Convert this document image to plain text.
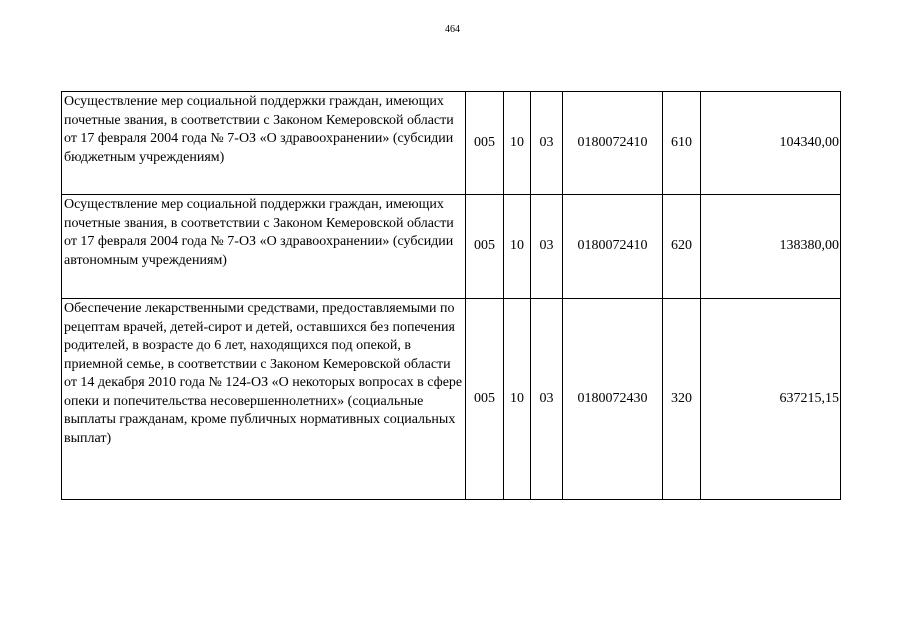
464
Осуществление мер социальной поддержки граждан, имеющих почетные звания, в соответствии с Законом Кемеровской области от 17 февраля 2004 года № 7-ОЗ «О здравоохранении» (субсидии бюджетным учреждениям)	005	10	03	0180072410	610	104340,00
Осуществление мер социальной поддержки граждан, имеющих почетные звания, в соответствии с Законом Кемеровской области от 17 февраля 2004 года № 7-ОЗ «О здравоохранении» (субсидии автономным учреждениям)	005	10	03	0180072410	620	138380,00
Обеспечение лекарственными средствами, предоставляемыми по рецептам врачей, детей-сирот и детей, оставшихся без попечения родителей, в возрасте до 6 лет, находящихся под опекой, в приемной семье, в соответствии с Законом Кемеровской области от 14 декабря 2010 года № 124-ОЗ «О некоторых вопросах в сфере опеки и попечительства несовершеннолетних» (социальные выплаты гражданам, кроме публичных нормативных социальных выплат)	005	10	03	0180072430	320	637215,15
